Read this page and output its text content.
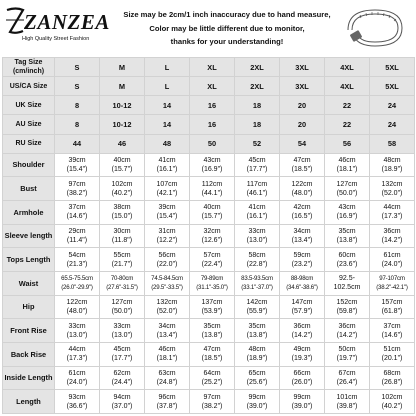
ZANZEA
High Quality Street Fashion
Size may be 2cm/1 inch inaccuracy due to hand measure,
Color may be little different due to monitor,
thanks for your understanding!
Tag Size
(cm/inch)	S	M	L	XL	2XL	3XL	4XL	5XL

US/CA Size	S	M	L	XL	2XL	3XL	4XL	5XL

UK Size	8	10-12	14	16	18	20	22	24

AU Size	8	10-12	14	16	18	20	22	24

RU Size	44	46	48	50	52	54	56	58
Shoulder	39cm
(15.4")	40cm
(15.7")	41cm
(16.1")	43cm
(16.9")	45cm
(17.7")	47cm
(18.5")	46cm
(18.1")	48cm
(18.9")

Bust	97cm
(38.2")	102cm
(40.2")	107cm
(42.1")	112cm
(44.1")	117cm
(46.1")	122cm
(48.0")	127cm
(50.0")	132cm
(52.0")

Armhole	37cm
(14.6")	38cm
(15.0")	39cm
(15.4")	40cm
(15.7")	41cm
(16.1")	42cm
(16.5")	43cm
(16.9")	44cm
(17.3")

Sleeve length	29cm
(11.4")	30cm
(11.8")	31cm
(12.2")	32cm
(12.6")	33cm
(13.0")	34cm
(13.4")	35cm
(13.8")	36cm
(14.2")

Tops Length	54cm
(21.3")	55cm
(21.7")	56cm
(22.0")	57cm
(22.4")	58cm
(22.8")	59cm
(23.2")	60cm
(23.6")	61cm
(24.0")

Waist	65.5-75.5cm
(26.0"-29.9")	70-80cm
(27.6"-31.5")	74.5-84.5cm
(29.5"-33.5")	79-89cm
(31.1"-35.0")	83.5-93.5cm
(33.1"-37.0")	88-98cm
(34.6"-38.6")	92.5-
102.5cm	97-107cm
(38.2"-42.1")

Hip	122cm
(48.0")	127cm
(50.0")	132cm
(52.0")	137cm
(53.9")	142cm
(55.9")	147cm
(57.9")	152cm
(59.8")	157cm
(61.8")

Front Rise	33cm
(13.0")	33cm
(13.0")	34cm
(13.4")	35cm
(13.8")	35cm
(13.8")	36cm
(14.2")	36cm
(14.2")	37cm
(14.6")

Back Rise	44cm
(17.3")	45cm
(17.7")	46cm
(18.1")	47cm
(18.5")	48cm
(18.9")	49cm
(19.3")	50cm
(19.7")	51cm
(20.1")

Inside Length	61cm
(24.0")	62cm
(24.4")	63cm
(24.8")	64cm
(25.2")	65cm
(25.6")	66cm
(26.0")	67cm
(26.4")	68cm
(26.8")

Length	93cm
(36.6")	94cm
(37.0")	96cm
(37.8")	97cm
(38.2")	99cm
(39.0")	99cm
(39.0")	101cm
(39.8")	102cm
(40.2")
